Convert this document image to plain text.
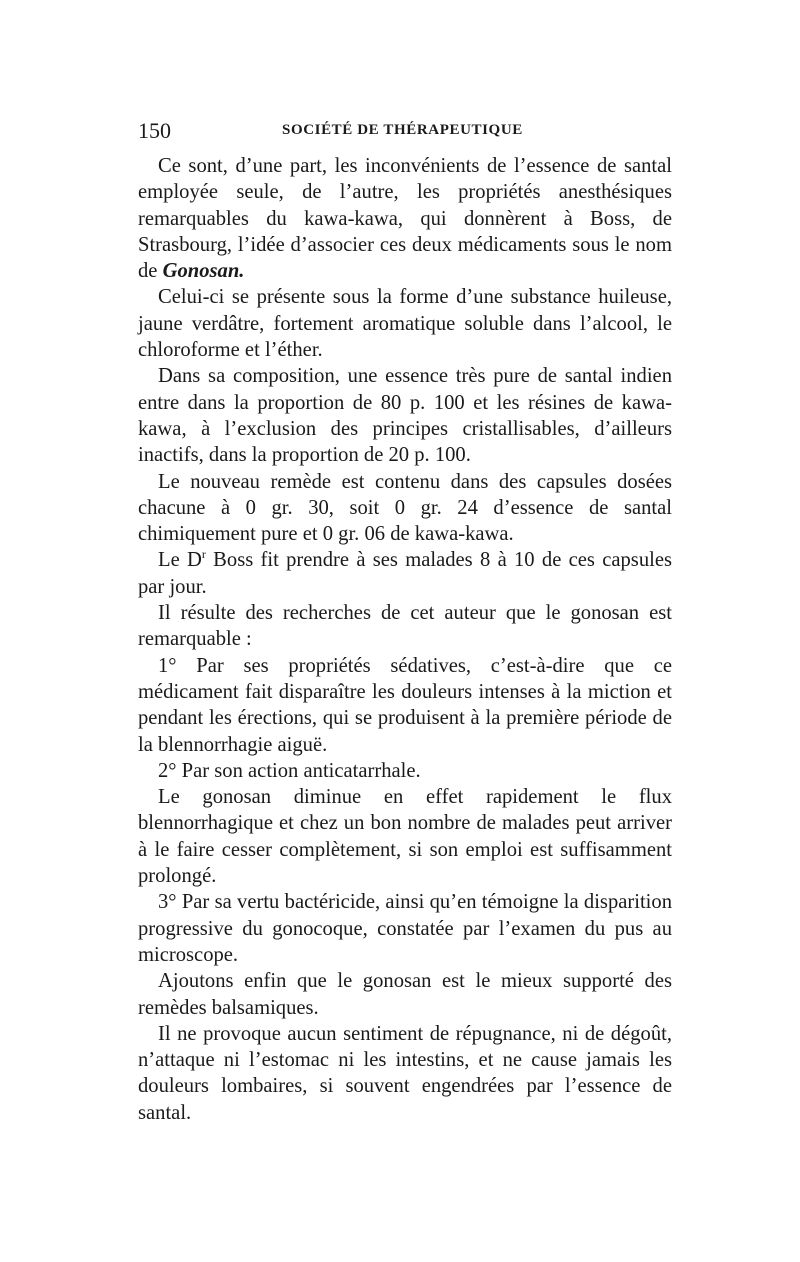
150	SOCIÉTÉ DE THÉRAPEUTIQUE

Ce sont, d’une part, les inconvénients de l’essence de santal employée seule, de l’autre, les propriétés anesthésiques remarquables du kawa-kawa, qui donnèrent à Boss, de Strasbourg, l’idée d’associer ces deux médicaments sous le nom de Gonosan.

Celui-ci se présente sous la forme d’une substance huileuse, jaune verdâtre, fortement aromatique soluble dans l’alcool, le chloroforme et l’éther.

Dans sa composition, une essence très pure de santal indien entre dans la proportion de 80 p. 100 et les résines de kawa-kawa, à l’exclusion des principes cristallisables, d’ailleurs inactifs, dans la proportion de 20 p. 100.

Le nouveau remède est contenu dans des capsules dosées chacune à 0 gr. 30, soit 0 gr. 24 d’essence de santal chimiquement pure et 0 gr. 06 de kawa-kawa.

Le $D^r$ Boss fit prendre à ses malades 8 à 10 de ces capsules par jour.

Il résulte des recherches de cet auteur que le gonosan est remarquable :

1° Par ses propriétés sédatives, c’est-à-dire que ce médicament fait disparaître les douleurs intenses à la miction et pendant les érections, qui se produisent à la première période de la blennorrhagie aiguë.

2° Par son action anticatarrhale.

Le gonosan diminue en effet rapidement le flux blennorrhagique et chez un bon nombre de malades peut arriver à le faire cesser complètement, si son emploi est suffisamment prolongé.

3° Par sa vertu bactéricide, ainsi qu’en témoigne la disparition progressive du gonocoque, constatée par l’examen du pus au microscope.

Ajoutons enfin que le gonosan est le mieux supporté des remèdes balsamiques.

Il ne provoque aucun sentiment de répugnance, ni de dégoût, n’attaque ni l’estomac ni les intestins, et ne cause jamais les douleurs lombaires, si souvent engendrées par l’essence de santal.
